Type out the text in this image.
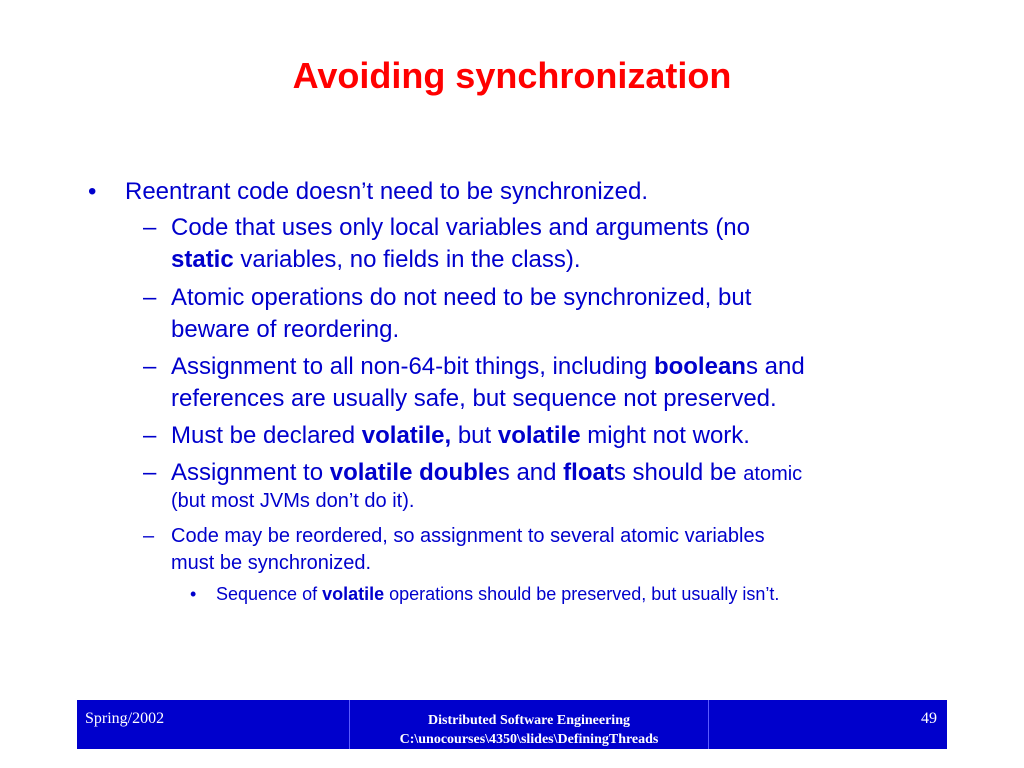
Avoiding synchronization
• Reentrant code doesn’t need to be synchronized.
– Code that uses only local variables and arguments (no
static variables, no fields in the class).
– Atomic operations do not need to be synchronized, but
beware of reordering.
– Assignment to all non-64-bit things, including booleans and
references are usually safe, but sequence not preserved.
– Must be declared volatile, but volatile might not work.
– Assignment to volatile doubles and floats should be atomic
(but most JVMs don’t do it).
– Code may be reordered, so assignment to several atomic variables
must be synchronized.
• Sequence of volatile operations should be preserved, but usually isn’t.
Spring/2002	Distributed Software Engineering
C:\unocourses\4350\slides\DefiningThreads
49
